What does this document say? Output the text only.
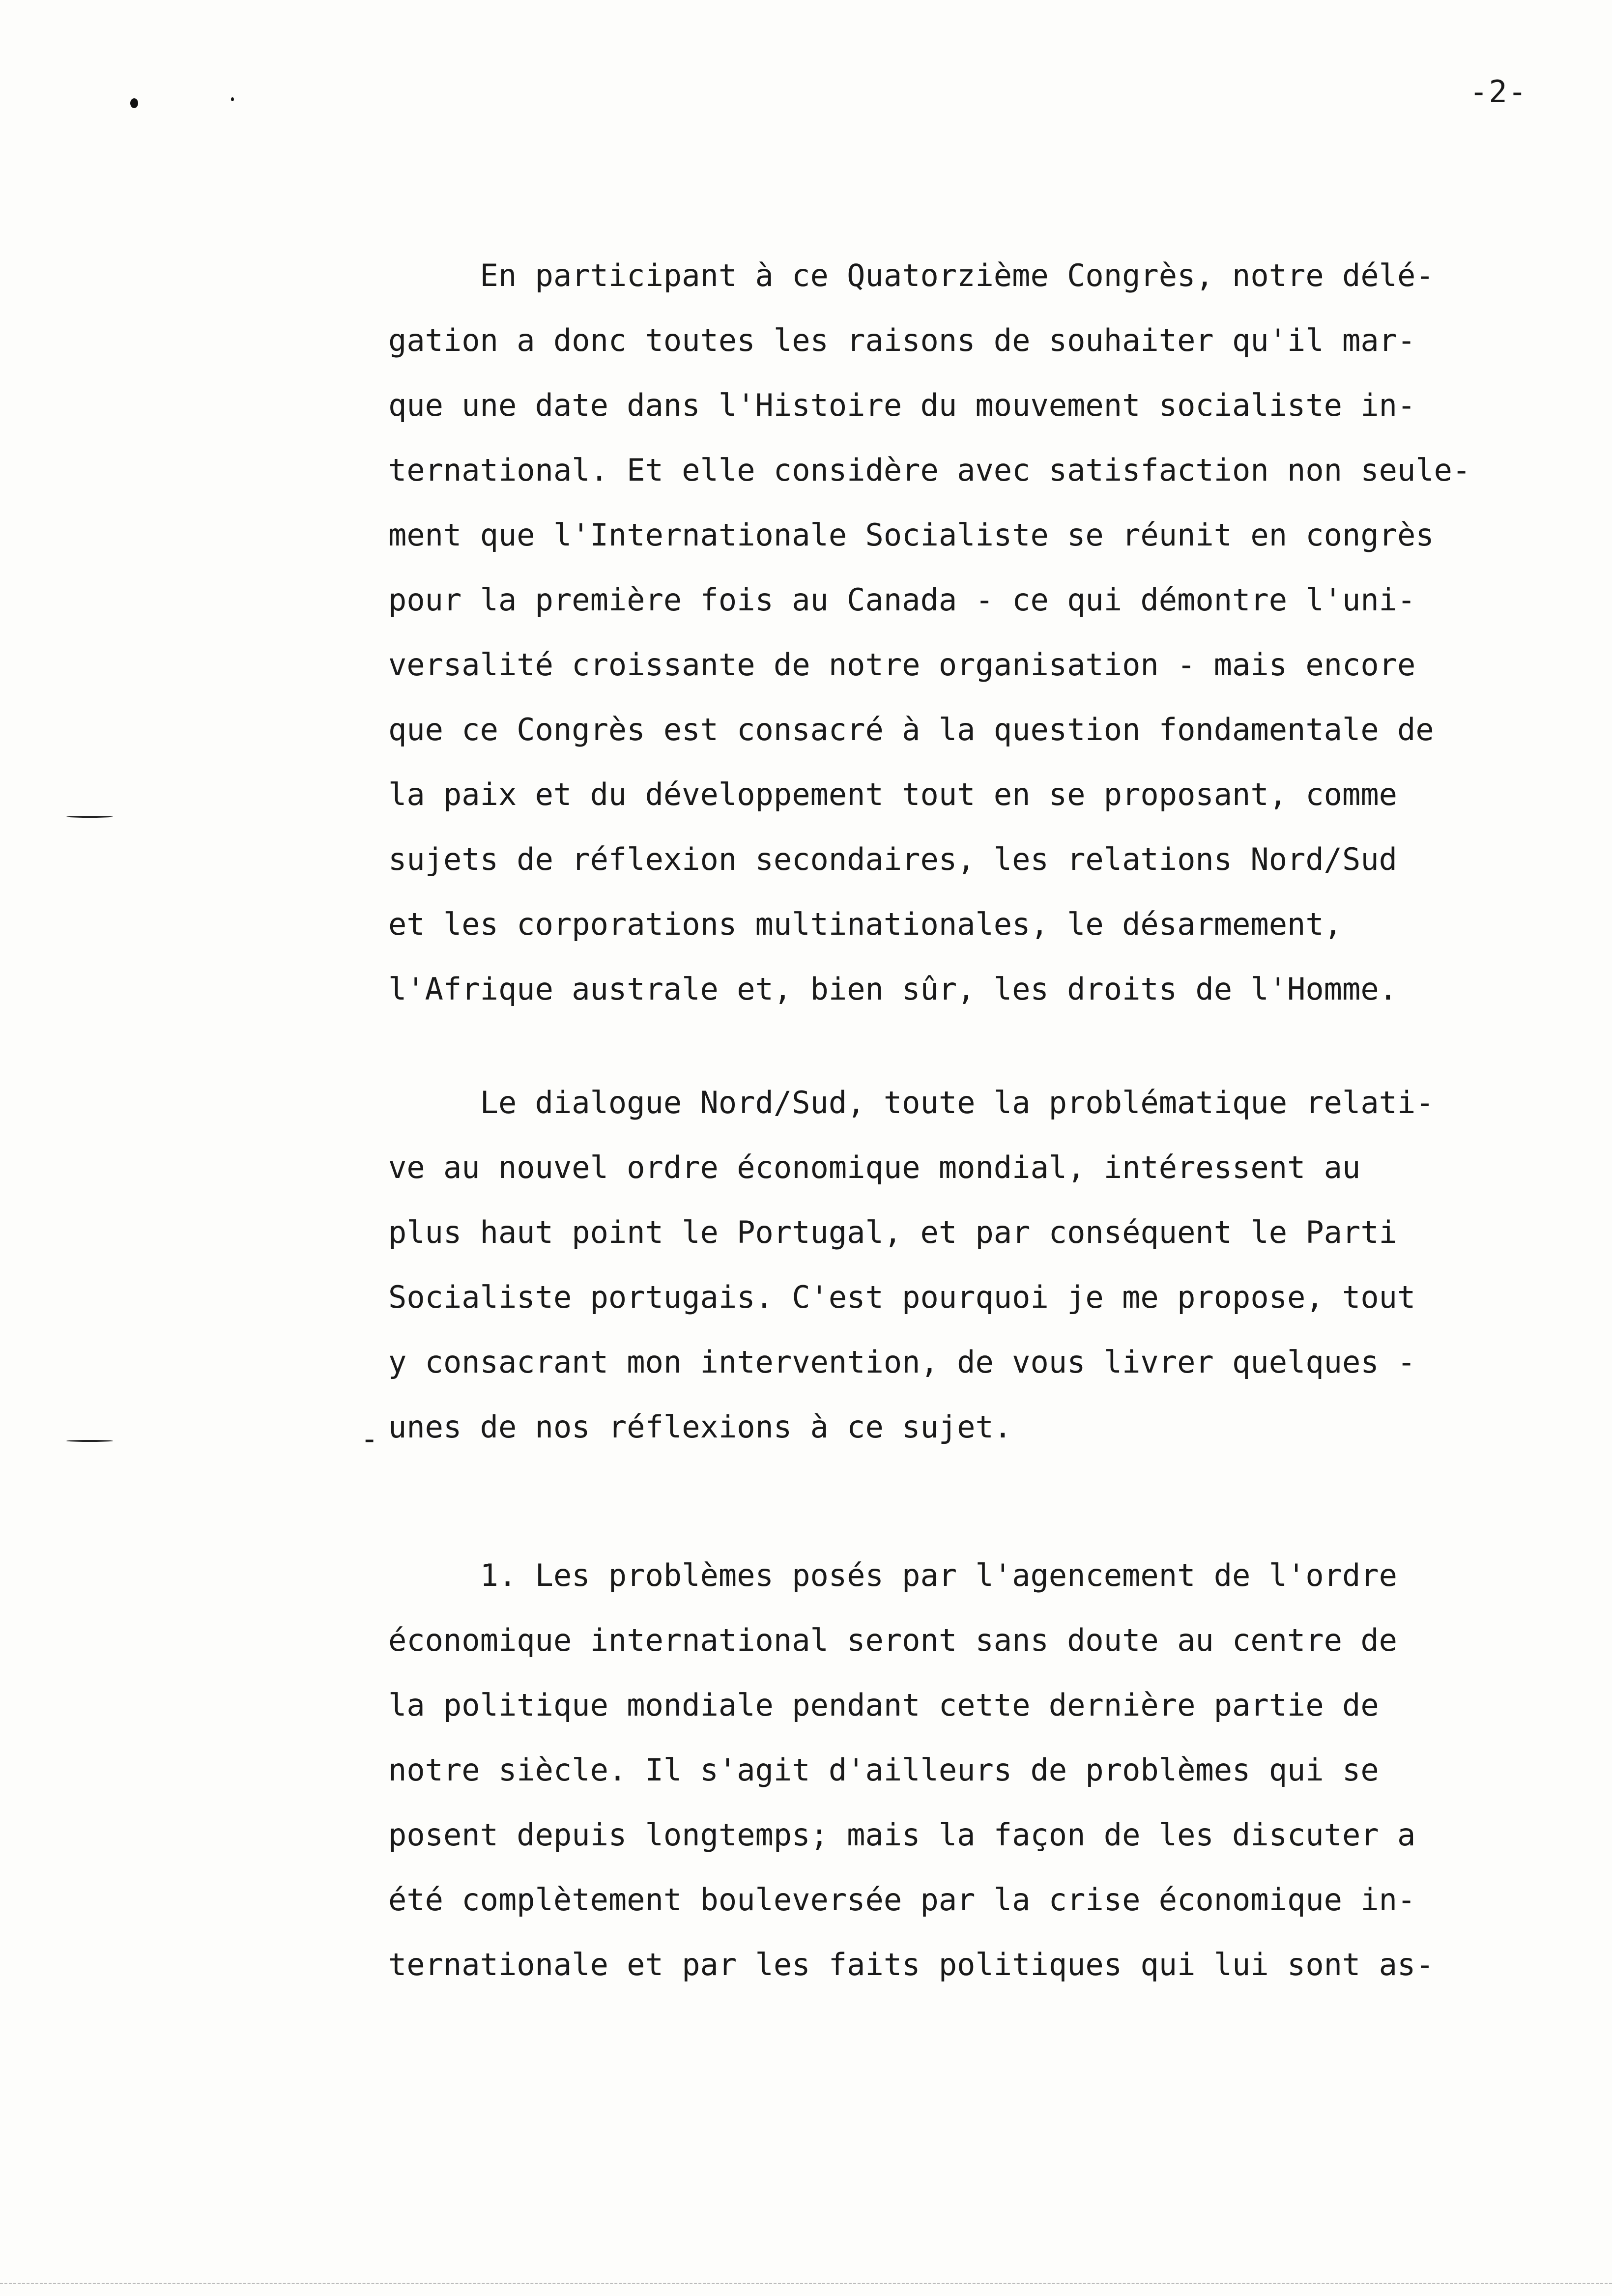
-2-
En participant à ce Quatorzième Congrès, notre délé-
gation a donc toutes les raisons de souhaiter qu'il mar-
que une date dans l'Histoire du mouvement socialiste in-
ternational. Et elle considère avec satisfaction non seule-
ment que l'Internationale Socialiste se réunit en congrès
pour la première fois au Canada - ce qui démontre l'uni-
versalité croissante de notre organisation - mais encore
que ce Congrès est consacré à la question fondamentale de
la paix et du développement tout en se proposant, comme
sujets de réflexion secondaires, les relations Nord/Sud
et les corporations multinationales, le désarmement,
l'Afrique australe et, bien sûr, les droits de l'Homme.
Le dialogue Nord/Sud, toute la problématique relati-
ve au nouvel ordre économique mondial, intéressent au
plus haut point le Portugal, et par conséquent le Parti
Socialiste portugais. C'est pourquoi je me propose, tout
y consacrant mon intervention, de vous livrer quelques -
- unes de nos réflexions à ce sujet.
1. Les problèmes posés par l'agencement de l'ordre
économique international seront sans doute au centre de
la politique mondiale pendant cette dernière partie de
notre siècle. Il s'agit d'ailleurs de problèmes qui se
posent depuis longtemps; mais la façon de les discuter a
été complètement bouleversée par la crise économique in-
ternationale et par les faits politiques qui lui sont as-
